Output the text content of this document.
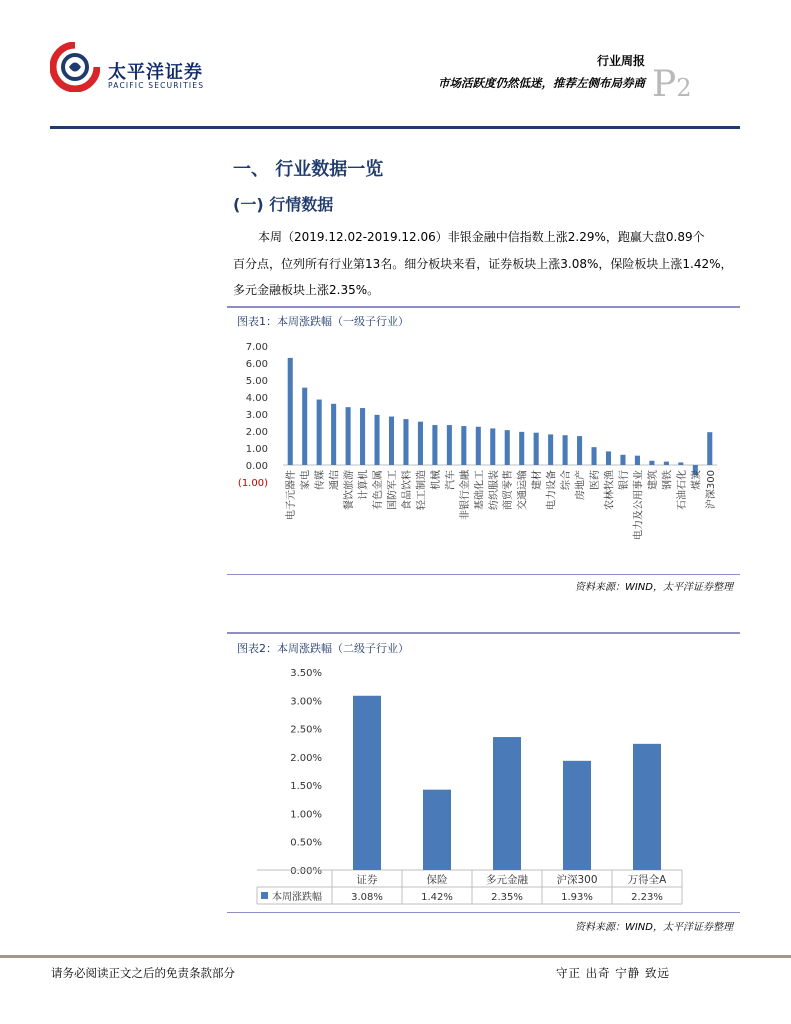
太平洋证券
PACIFIC SECURITIES
行业周报
市场活跃度仍然低迷，推荐左侧布局券商 P2
一、 行业数据一览
(一) 行情数据
本周（2019.12.02-2019.12.06）非银金融中信指数上涨2.29%，跑赢大盘0.89个
百分点，位列所有行业第13名。细分板块来看，证券板块上涨3.08%，保险板块上涨1.42%，
多元金融板块上涨2.35%。
图表1：本周涨跌幅（一级子行业）
(1.00)
0.00
1.00
2.00
3.00
4.00
5.00
6.00
7.00
电子元器件 家电 传媒 通信 餐饮旅游 计算机 有色金属 国防军工 食品饮料 轻工制造 机械 汽车 非银行金融 基础化工 纺织服装 商贸零售 交通运输 建材 电力设备 综合 房地产 医药 农林牧渔 银行 电力及公用事业 建筑 钢铁 石油石化 煤炭 沪深300
资料来源：WIND，太平洋证券整理
图表2：本周涨跌幅（二级子行业）
0.00%
0.50%
1.00%
1.50%
2.00%
2.50%
3.00%
3.50%
证券
3.08%
保险
1.42%
多元金融
2.35%
沪深300
1.93%
万得全A
2.23%
本周涨跌幅
资料来源：WIND，太平洋证券整理
请务必阅读正文之后的免责条款部分	守正 出奇 宁静 致远
